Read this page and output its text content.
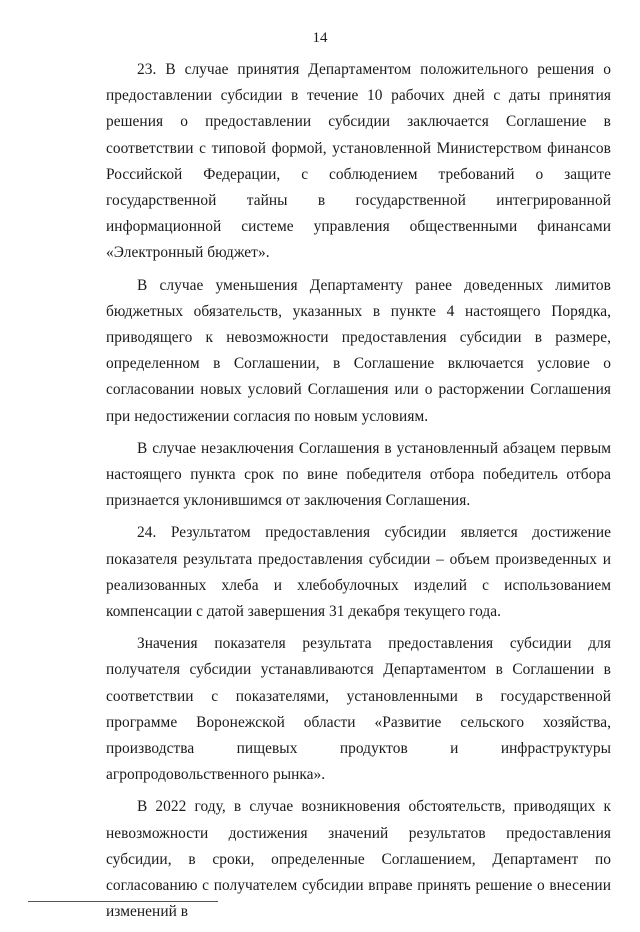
14

23. В случае принятия Департаментом положительного решения о предоставлении субсидии в течение 10 рабочих дней с даты принятия решения о предоставлении субсидии заключается Соглашение в соответствии с типовой формой, установленной Министерством финансов Российской Федерации, с соблюдением требований о защите государственной тайны в государственной интегрированной информационной системе управления общественными финансами «Электронный бюджет».

В случае уменьшения Департаменту ранее доведенных лимитов бюджетных обязательств, указанных в пункте 4 настоящего Порядка, приводящего к невозможности предоставления субсидии в размере, определенном в Соглашении, в Соглашение включается условие о согласовании новых условий Соглашения или о расторжении Соглашения при недостижении согласия по новым условиям.

В случае незаключения Соглашения в установленный абзацем первым настоящего пункта срок по вине победителя отбора победитель отбора признается уклонившимся от заключения Соглашения.

24. Результатом предоставления субсидии является достижение показателя результата предоставления субсидии – объем произведенных и реализованных хлеба и хлебобулочных изделий с использованием компенсации с датой завершения 31 декабря текущего года.

Значения показателя результата предоставления субсидии для получателя субсидии устанавливаются Департаментом в Соглашении в соответствии с показателями, установленными в государственной программе Воронежской области «Развитие сельского хозяйства, производства пищевых продуктов и инфраструктуры агропродовольственного рынка».

В 2022 году, в случае возникновения обстоятельств, приводящих к невозможности достижения значений результатов предоставления субсидии, в сроки, определенные Соглашением, Департамент по согласованию с получателем субсидии вправе принять решение о внесении изменений в
